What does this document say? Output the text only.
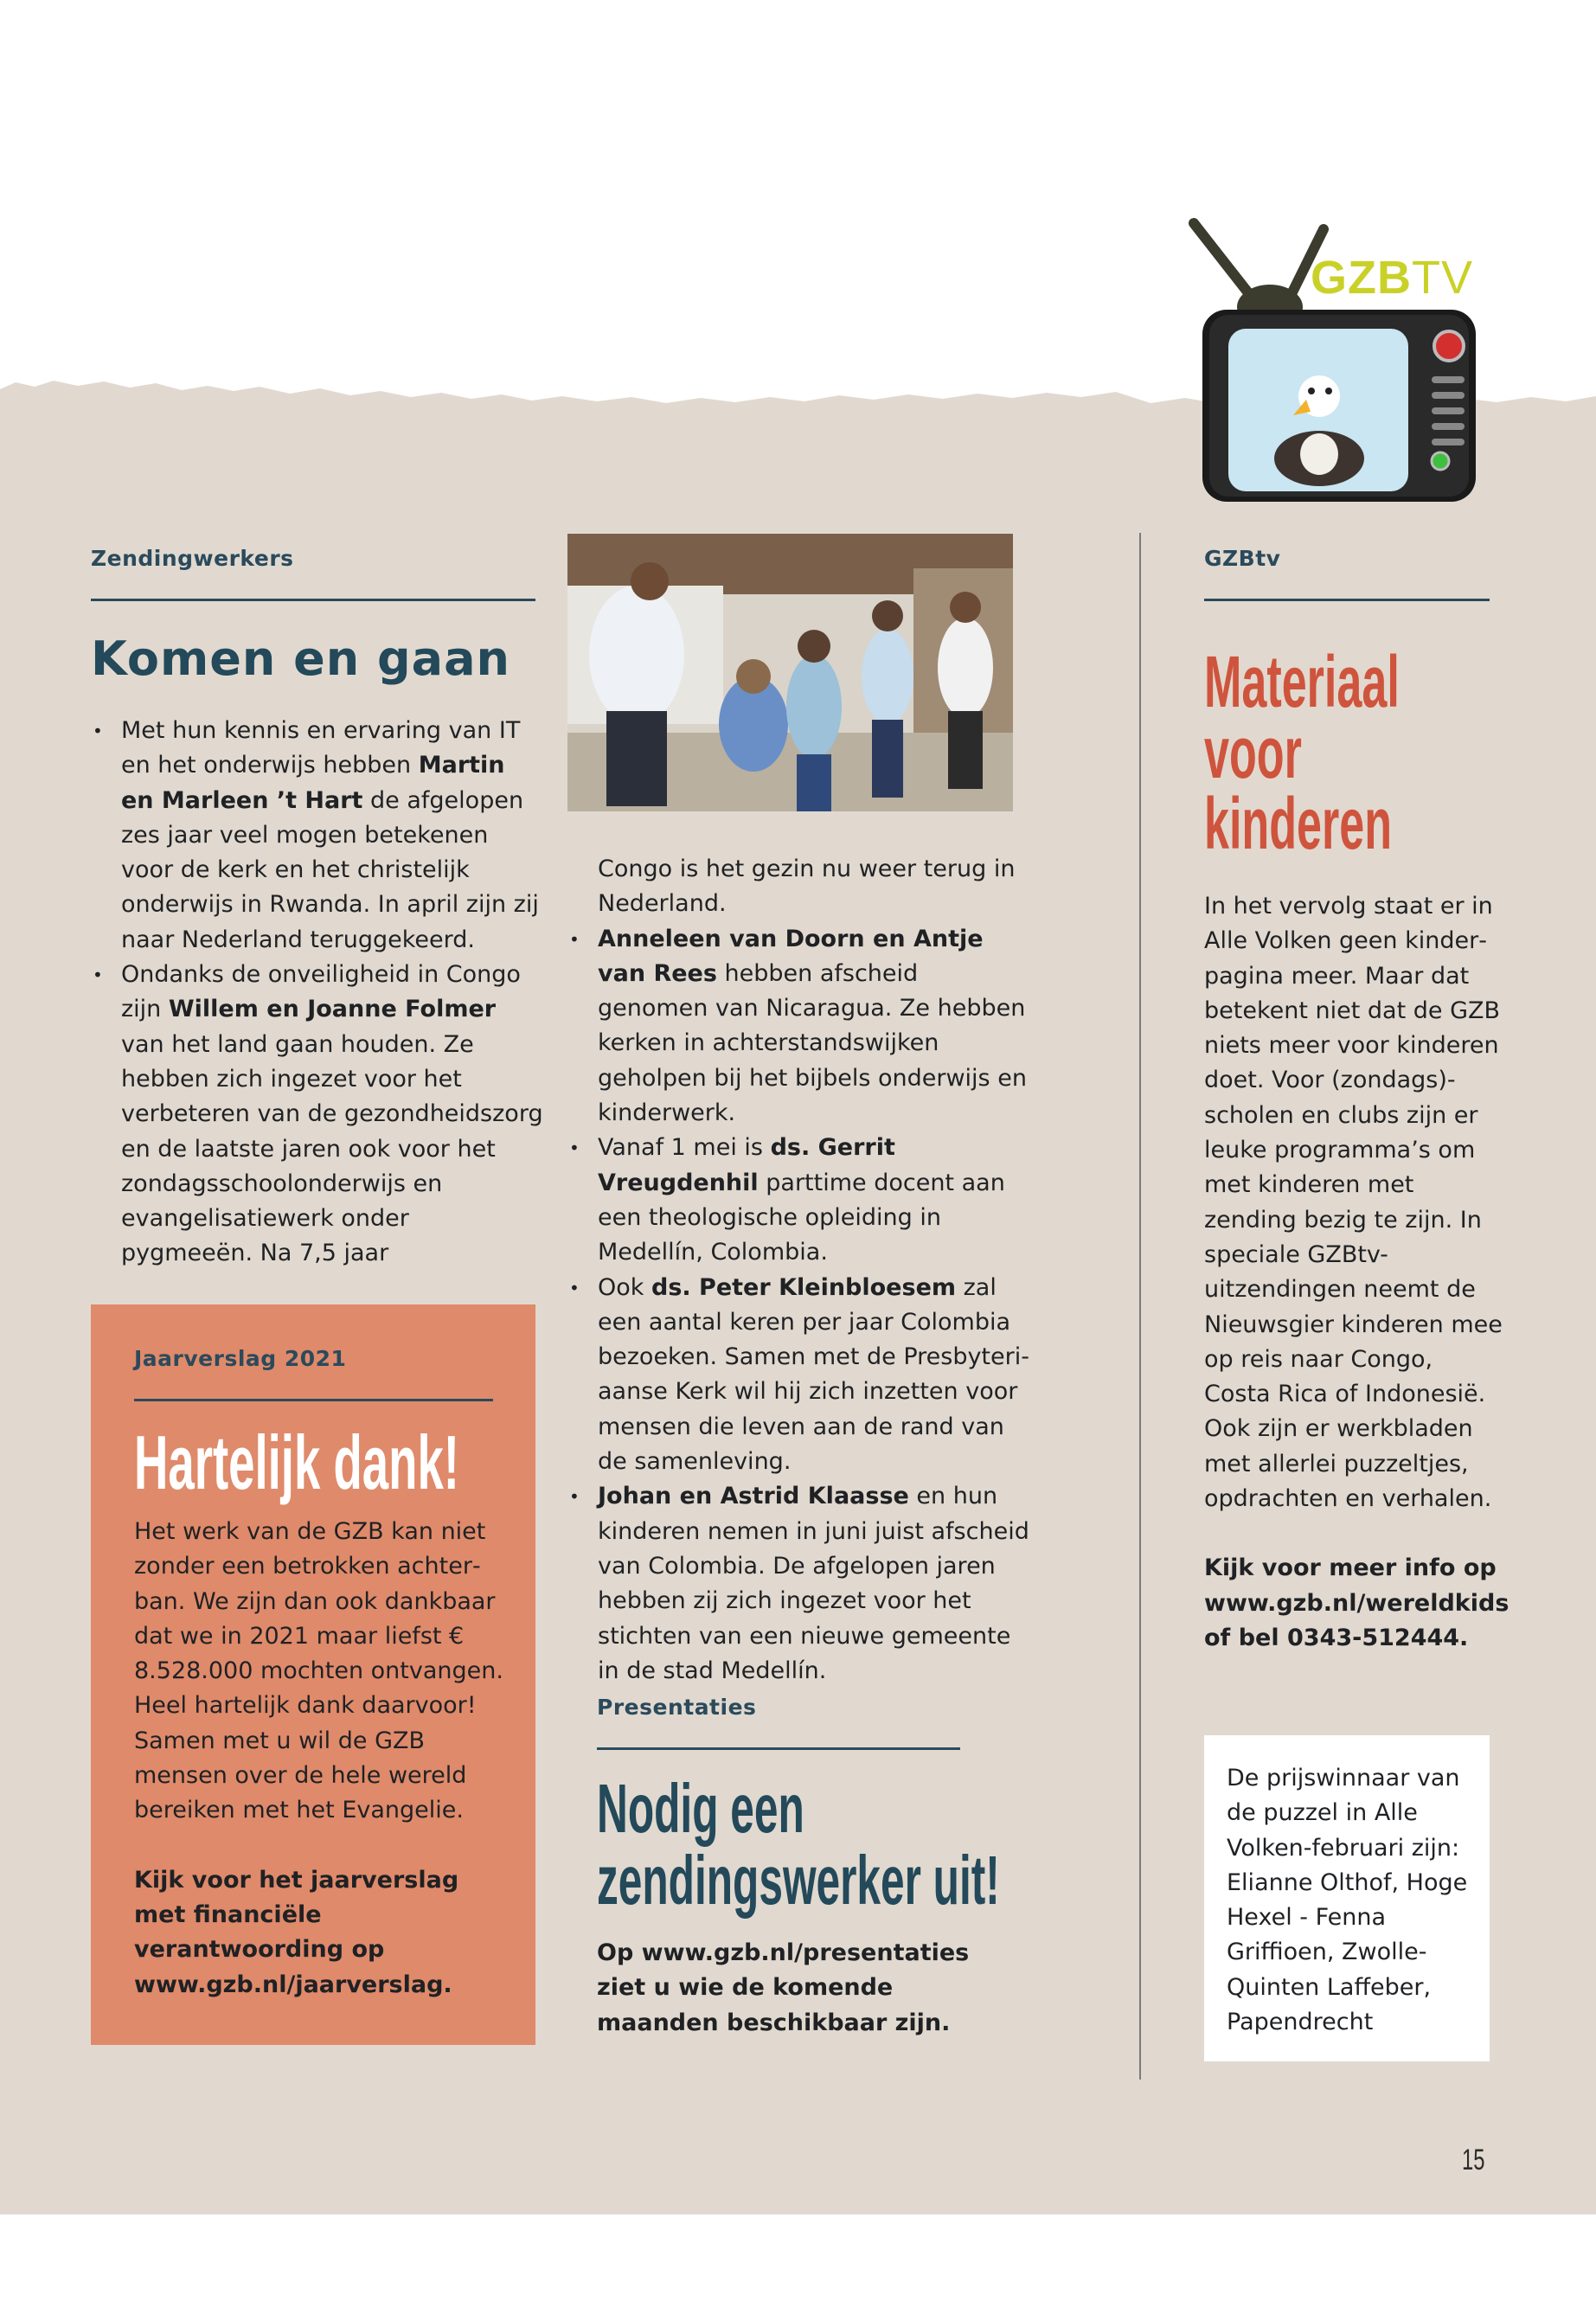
GZBTV
Zendingwerkers
Komen en gaan
• Met hun kennis en ervaring van IT en het onderwijs hebben Martin en Marleen ’t Hart de afgelopen zes jaar veel mogen betekenen voor de kerk en het christelijk onderwijs in Rwanda. In april zijn zij naar Nederland teruggekeerd.
• Ondanks de onveiligheid in Congo zijn Willem en Joanne Folmer van het land gaan houden. Ze hebben zich ingezet voor het verbeteren van de gezondheidszorg en de laatste jaren ook voor het zondagsschoolonderwijs en evangelisatiewerk onder pygmeeën. Na 7,5 jaar
Jaarverslag 2021
Hartelijk dank!

Het werk van de GZB kan niet zonder een betrokken achterban. We zijn dan ook dankbaar dat we in 2021 maar liefst € 8.528.000 mochten ontvangen. Heel hartelijk dank daarvoor! Samen met u wil de GZB mensen over de hele wereld bereiken met het Evangelie.

Kijk voor het jaarverslag met financiële verantwoording op www.gzb.nl/jaarverslag.

Congo is het gezin nu weer terug in Nederland.

• Anneleen van Doorn en Antje van Rees hebben afscheid genomen van Nicaragua. Ze hebben kerken in achterstandswijken geholpen bij het bijbels onderwijs en kinderwerk.
• Vanaf 1 mei is ds. Gerrit Vreugdenhil parttime docent aan een theologische opleiding in Medellín, Colombia.
• Ook ds. Peter Kleinbloesem zal een aantal keren per jaar Colombia bezoeken. Samen met de Presbyteriaanse Kerk wil hij zich inzetten voor mensen die leven aan de rand van de samenleving.
• Johan en Astrid Klaasse en hun kinderen nemen in juni juist afscheid van Colombia. De afgelopen jaren hebben zij zich ingezet voor het stichten van een nieuwe gemeente in de stad Medellín.
Presentaties
Nodig een
zendingswerker uit!
Op www.gzb.nl/presentaties ziet u wie de komende maanden beschikbaar zijn.
GZBtv
Materiaal
voor
kinderen

In het vervolg staat er in Alle Volken geen kinderpagina meer. Maar dat betekent niet dat de GZB niets meer voor kinderen doet. Voor (zondags)scholen en clubs zijn er leuke programma’s om met kinderen met zending bezig te zijn. In speciale GZBtv-uitzendingen neemt de Nieuwsgier kinderen mee op reis naar Congo, Costa Rica of Indonesië. Ook zijn er werkbladen met allerlei puzzeltjes, opdrachten en verhalen.

Kijk voor meer info op www.gzb.nl/wereldkids of bel 0343-512444.

De prijswinnaar van de puzzel in Alle Volken-februari zijn: Elianne Olthof, Hoge Hexel - Fenna Griffioen, Zwolle-Quinten Laffeber, Papendrecht
15
